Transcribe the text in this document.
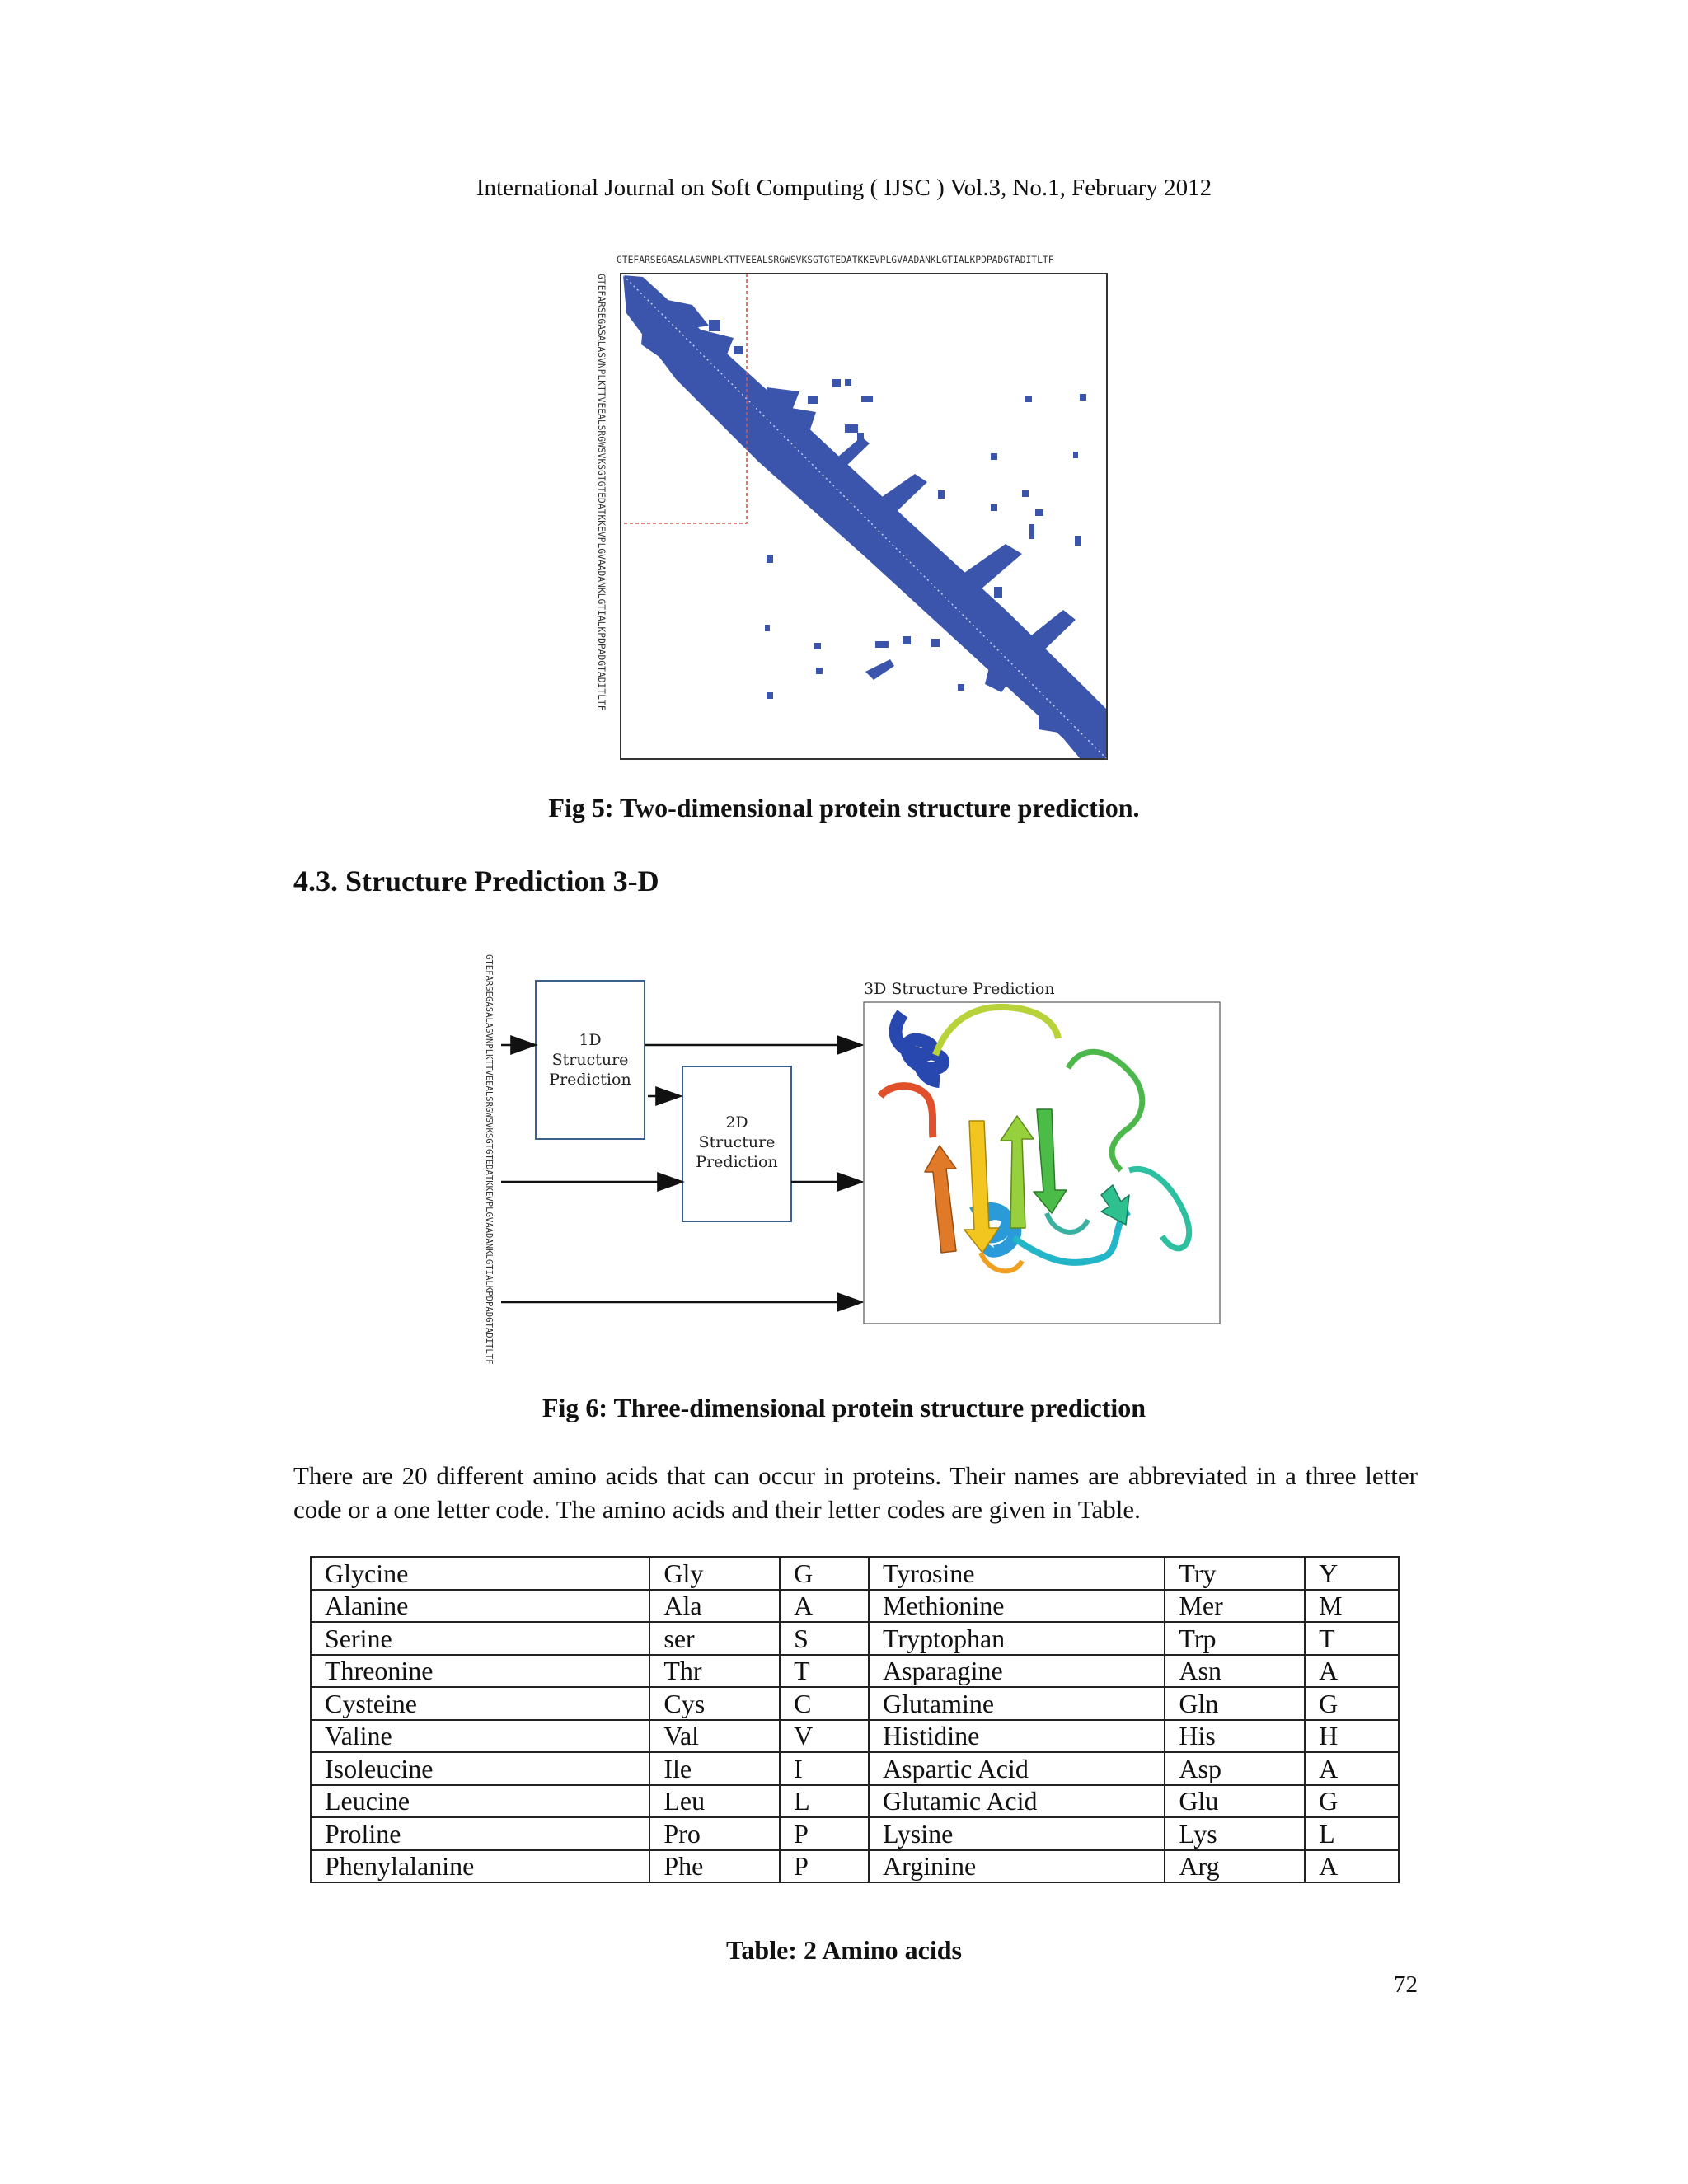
International Journal on Soft Computing ( IJSC ) Vol.3, No.1, February 2012
GTEFARSEGASALASVNPLKTTVEEALSRGWSVKSGTGTEDATKKEVPLGVAADANKLGTIALKPDPADGTADITLTF
GTEFARSEGASALASVNPLKTTVEEALSRGWSVKSGTGTEDATKKEVPLGVAADANKLGTIALKPDPADGTADITLTF
Fig 5: Two-dimensional protein structure prediction.
4.3. Structure Prediction 3-D
GTEFARSEGASALASVNPLKTTVEEALSRGWSVKSGTGTEDATKKEVPLGVAADANKLGTIALKPDPADGTADITLTF	1D
Structure
Prediction
2D
Structure
Prediction
3D Structure Prediction
Fig 6: Three-dimensional protein structure prediction
There are 20 different amino acids that can occur in proteins. Their names are abbreviated in a three letter code or a one letter code. The amino acids and their letter codes are given in Table.
Glycine	Gly	G	Tyrosine	Try	Y
Alanine	Ala	A	Methionine	Mer	M
Serine	ser	S	Tryptophan	Trp	T
Threonine	Thr	T	Asparagine	Asn	A
Cysteine	Cys	C	Glutamine	Gln	G
Valine	Val	V	Histidine	His	H
Isoleucine	Ile	I	Aspartic Acid	Asp	A
Leucine	Leu	L	Glutamic Acid	Glu	G
Proline	Pro	P	Lysine	Lys	L
Phenylalanine	Phe	P	Arginine	Arg	A
Table: 2 Amino acids
72
